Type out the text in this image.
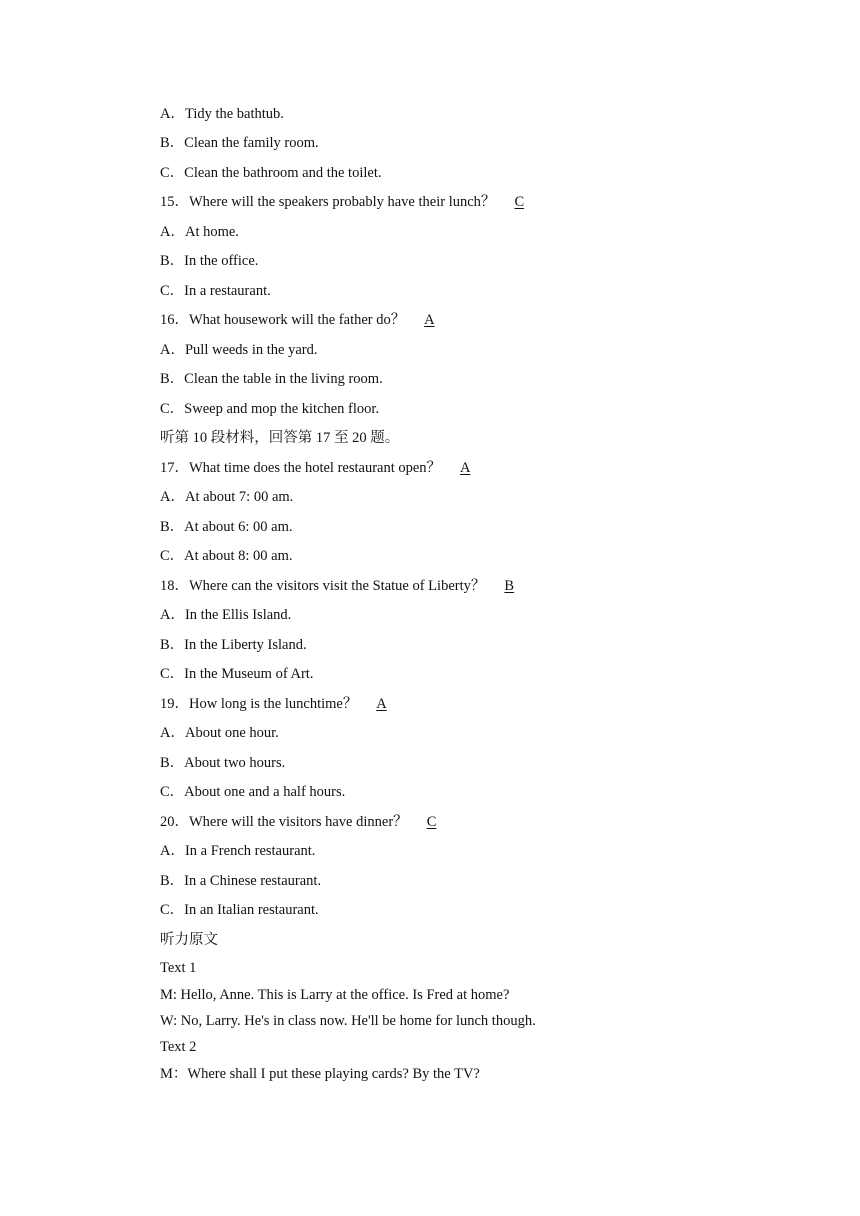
A．Tidy the bathtub.
B．Clean the family room.
C．Clean the bathroom and the toilet.
15．Where will the speakers probably have their lunch？ C
A．At home.
B．In the office.
C．In a restaurant.
16．What housework will the father do？ A
A．Pull weeds in the yard.
B．Clean the table in the living room.
C．Sweep and mop the kitchen floor.
听第 10 段材料，回答第 17 至 20 题。
17．What time does the hotel restaurant open？ A
A．At about 7: 00 am.
B．At about 6: 00 am.
C．At about 8: 00 am.
18．Where can the visitors visit the Statue of Liberty？ B
A．In the Ellis Island.
B．In the Liberty Island.
C．In the Museum of Art.
19．How long is the lunchtime？ A
A．About one hour.
B．About two hours.
C．About one and a half hours.
20．Where will the visitors have dinner？ C
A．In a French restaurant.
B．In a Chinese restaurant.
C．In an Italian restaurant.
听力原文
Text 1
M: Hello, Anne. This is Larry at the office. Is Fred at home?
W: No, Larry. He's in class now. He'll be home for lunch though.
Text 2
M：Where shall I put these playing cards? By the TV?
